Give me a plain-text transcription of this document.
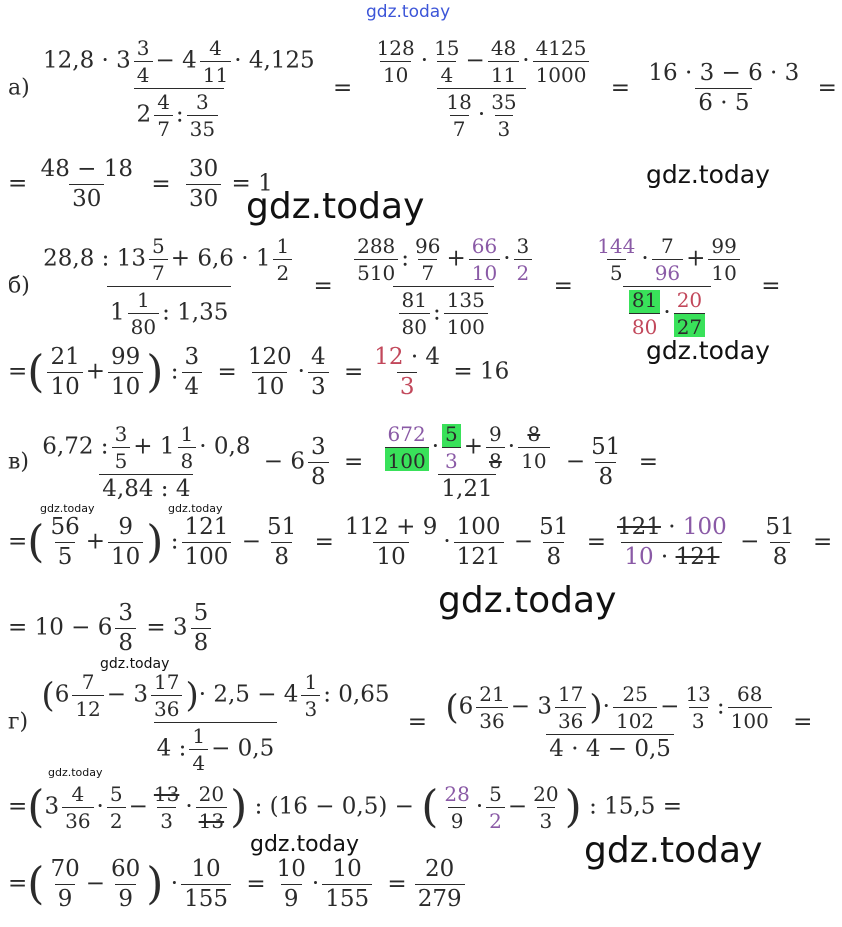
gdz.today
$а) \frac{12,8 \cdot 3 \frac{3}{4} - 4 \frac{4}{11} \cdot 4,125}{2 \frac{4}{7} : \frac{3}{35}} = \frac{\frac{128}{10} \cdot \frac{15}{4} - \frac{48}{11} \cdot \frac{4125}{1000}}{\frac{18}{7} \cdot \frac{35}{3}} = \frac{16 \cdot 3 - 6 \cdot 3}{6 \cdot 5}$ =
= $\frac{48 - 18}{30} = \frac{30}{30} = 1$	gdz.today
gdz.today
$б) \frac{28,8 : 13 \frac{5}{7} + 6,6 \cdot 1 \frac{1}{2}}{1 \frac{1}{80} : 1,35} = \frac{\frac{288}{510} : \frac{96}{7} + \frac{66}{10} \cdot \frac{3}{2}}{\frac{81}{80} : \frac{135}{100}} = \frac{\frac{144}{5} \cdot \frac{7}{96} + \frac{99}{10}}{\frac{81}{80} \cdot \frac{20}{27}}$ =
gdz.today
=( $\frac{21}{10} + \frac{99}{10}$ ) : $\frac{3}{4} = \frac{120}{10} \cdot \frac{4}{3} = \frac{12 \cdot 4}{3} = 16$
$в) \frac{6,72 : \frac{3}{5} + 1 \frac{1}{8} \cdot 0,8}{4,84 : 4} - 6 \frac{3}{8} = \frac{\frac{672}{100} \cdot \frac{5}{3} + \frac{9}{8} \cdot \frac{8}{10}}{1,21} - \frac{51}{8}$ =
gdz.today	gdz.today
=( $\frac{56}{5} + \frac{9}{10}$ ) : $\frac{121}{100} - \frac{51}{8} = \frac{112 + 9}{10} \cdot \frac{100}{121} - \frac{51}{8} = \frac{121 \cdot 100}{10 \cdot 121} - \frac{51}{8}$ =
gdz.today
= $10 - 6 \frac{3}{8} = 3 \frac{5}{8}$
gdz.today
$г) \frac{(6 \frac{7}{12} - 3 \frac{17}{36} )\cdot 2,5 - 4 \frac{1}{3} : 0,65}{4 : \frac{1}{4} - 0,5} = \frac{(6 \frac{21}{36} - 3 \frac{17}{36} )\cdot \frac{25}{102} - \frac{13}{3} : \frac{68}{100}}{4 \cdot 4 - 0,5}$ =
gdz.today
$=(3 \frac{4}{36} \cdot \frac{5}{2} - \frac{13}{3} \cdot \frac{20}{13}$ ) : (16 − 0,5) − ( $\frac{28}{9} \cdot \frac{5}{2} - \frac{20}{3}$ ) : 15,5 =
gdz.today	gdz.today
=( $\frac{70}{9} - \frac{60}{9}$ ) · $\frac{10}{155} = \frac{10}{9} \cdot \frac{10}{155} = \frac{20}{279}$
